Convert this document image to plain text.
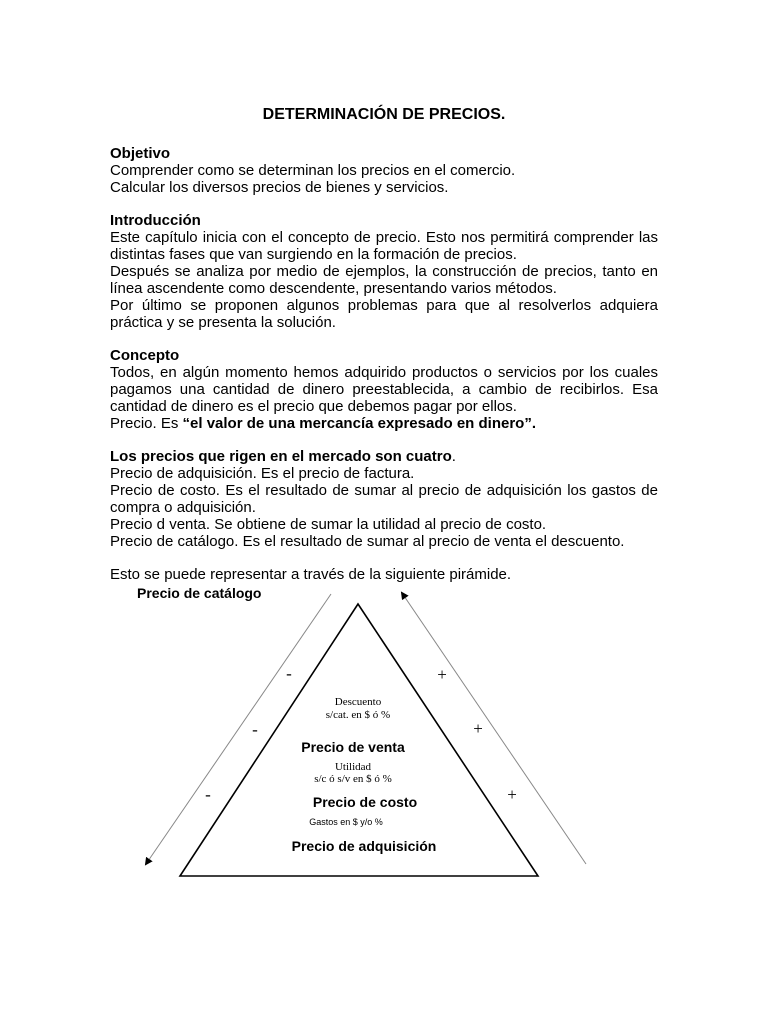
DETERMINACIÓN DE PRECIOS.

Objetivo

Comprender como se determinan los precios en el comercio.

Calcular los diversos precios de bienes y servicios.

Introducción

Este capítulo inicia con el concepto de precio. Esto nos permitirá comprender las distintas fases que van surgiendo en la formación de precios.

Después se analiza por medio de ejemplos, la construcción de precios, tanto en línea ascendente como descendente, presentando varios métodos.

Por último se proponen algunos problemas para que al resolverlos adquiera práctica y se presenta la solución.

Concepto

Todos, en algún momento hemos adquirido productos o servicios por los cuales pagamos una cantidad de dinero preestablecida, a cambio de recibirlos. Esa cantidad de dinero es el precio que debemos pagar por ellos.

Precio. Es “el valor de una mercancía expresado en dinero”.

Los precios que rigen en el mercado son cuatro.

Precio de adquisición. Es el precio de factura.

Precio de costo. Es el resultado de sumar al precio de adquisición los gastos de compra o adquisición.

Precio d venta. Se obtiene de sumar la utilidad al precio de costo.

Precio de catálogo. Es el resultado de sumar al precio de venta el descuento.

Esto se puede representar a través de la siguiente pirámide.

Precio de catálogo
Descuento
s/cat. en $ ó %
Precio de venta
Utilidad
s/c ó s/v en $ ó %
Precio de costo
Gastos en $ y/o %
Precio de adquisición
-
-
-
+
+
+
